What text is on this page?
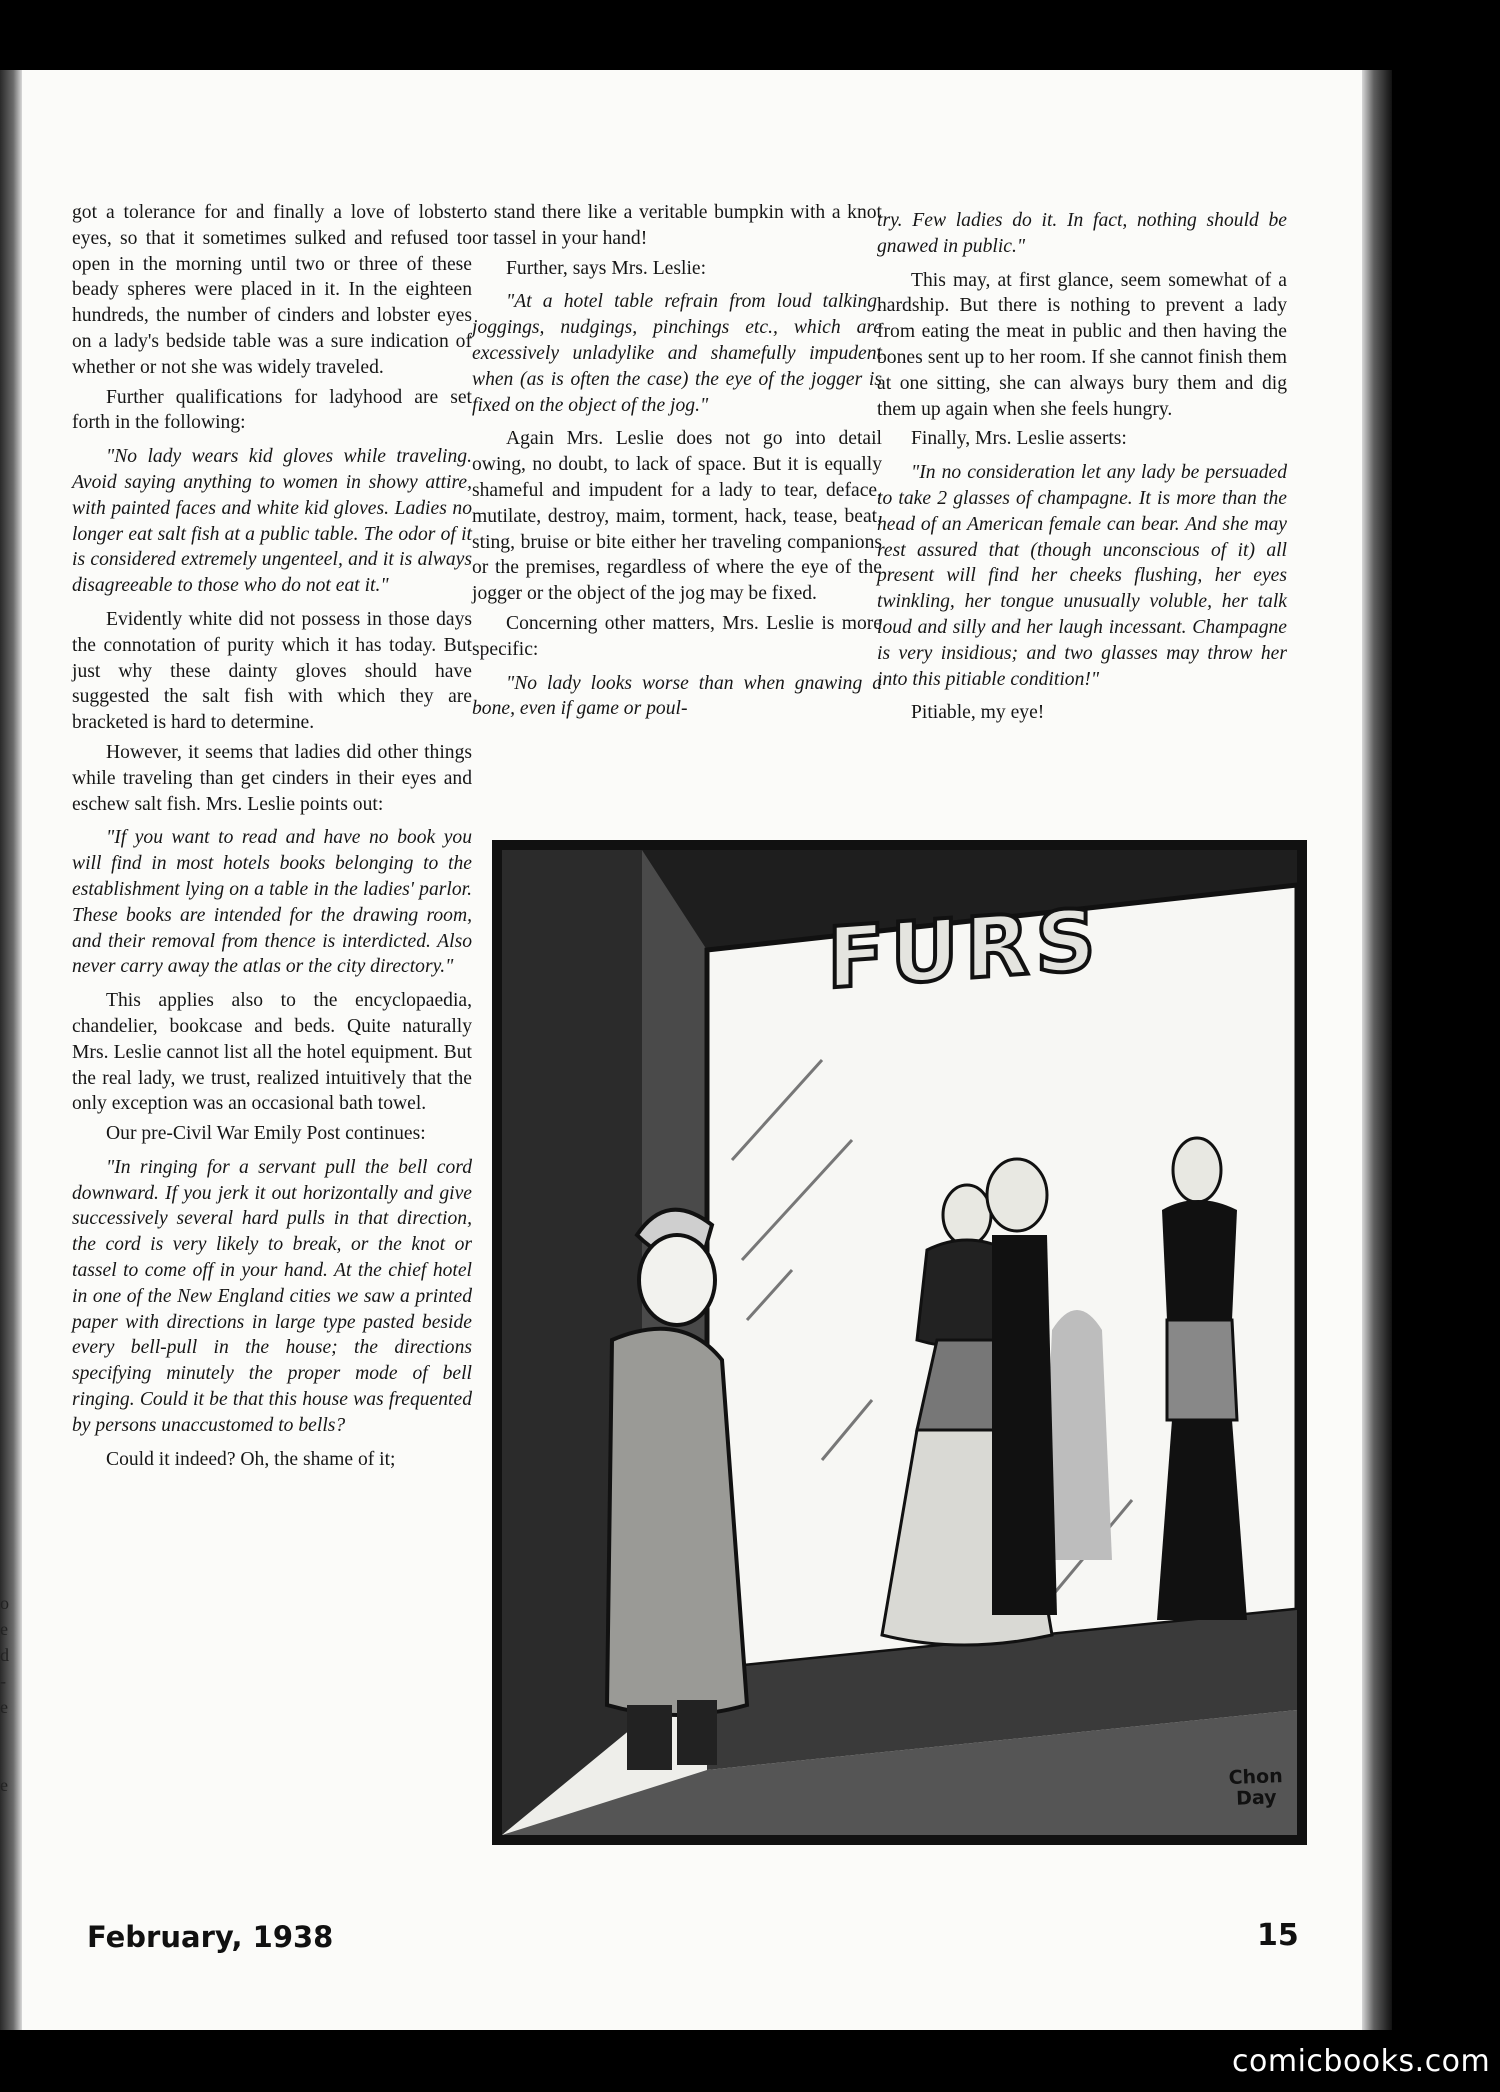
got a tolerance for and finally a love of lobster eyes, so that it sometimes sulked and refused to open in the morning until two or three of these beady spheres were placed in it. In the eighteen hundreds, the number of cinders and lobster eyes on a lady's bedside table was a sure indication of whether or not she was widely traveled.

Further qualifications for ladyhood are set forth in the following:

"No lady wears kid gloves while traveling. Avoid saying anything to women in showy attire, with painted faces and white kid gloves. Ladies no longer eat salt fish at a public table. The odor of it is considered extremely ungenteel, and it is always disagreeable to those who do not eat it."

Evidently white did not possess in those days the connotation of purity which it has today. But just why these dainty gloves should have suggested the salt fish with which they are bracketed is hard to determine.

However, it seems that ladies did other things while traveling than get cinders in their eyes and eschew salt fish. Mrs. Leslie points out:

"If you want to read and have no book you will find in most hotels books belonging to the establishment lying on a table in the ladies' parlor. These books are intended for the drawing room, and their removal from thence is interdicted. Also never carry away the atlas or the city directory."

This applies also to the encyclopaedia, chandelier, bookcase and beds. Quite naturally Mrs. Leslie cannot list all the hotel equipment. But the real lady, we trust, realized intuitively that the only exception was an occasional bath towel.

Our pre-Civil War Emily Post continues:

"In ringing for a servant pull the bell cord downward. If you jerk it out horizontally and give successively several hard pulls in that direction, the cord is very likely to break, or the knot or tassel to come off in your hand. At the chief hotel in one of the New England cities we saw a printed paper with directions in large type pasted beside every bell-pull in the house; the directions specifying minutely the proper mode of bell ringing. Could it be that this house was frequented by persons unaccustomed to bells?

Could it indeed? Oh, the shame of it;

to stand there like a veritable bumpkin with a knot or tassel in your hand!

Further, says Mrs. Leslie:

"At a hotel table refrain from loud talking, joggings, nudgings, pinchings etc., which are excessively unladylike and shamefully impudent when (as is often the case) the eye of the jogger is fixed on the object of the jog."

Again Mrs. Leslie does not go into detail owing, no doubt, to lack of space. But it is equally shameful and impudent for a lady to tear, deface, mutilate, destroy, maim, torment, hack, tease, beat, sting, bruise or bite either her traveling companions or the premises, regardless of where the eye of the jogger or the object of the jog may be fixed.

Concerning other matters, Mrs. Leslie is more specific:

"No lady looks worse than when gnawing a bone, even if game or poul-

try. Few ladies do it. In fact, nothing should be gnawed in public."

This may, at first glance, seem somewhat of a hardship. But there is nothing to prevent a lady from eating the meat in public and then having the bones sent up to her room. If she cannot finish them at one sitting, she can always bury them and dig them up again when she feels hungry.

Finally, Mrs. Leslie asserts:

"In no consideration let any lady be persuaded to take 2 glasses of champagne. It is more than the head of an American female can bear. And she may rest assured that (though unconscious of it) all present will find her cheeks flushing, her eyes twinkling, her tongue unusually voluble, her talk loud and silly and her laugh incessant. Champagne is very insidious; and two glasses may throw her into this pitiable condition!"

Pitiable, my eye!

FURS
Chon
Day
February, 1938	15
o
e
d
-
e
e
comicbooks.com
